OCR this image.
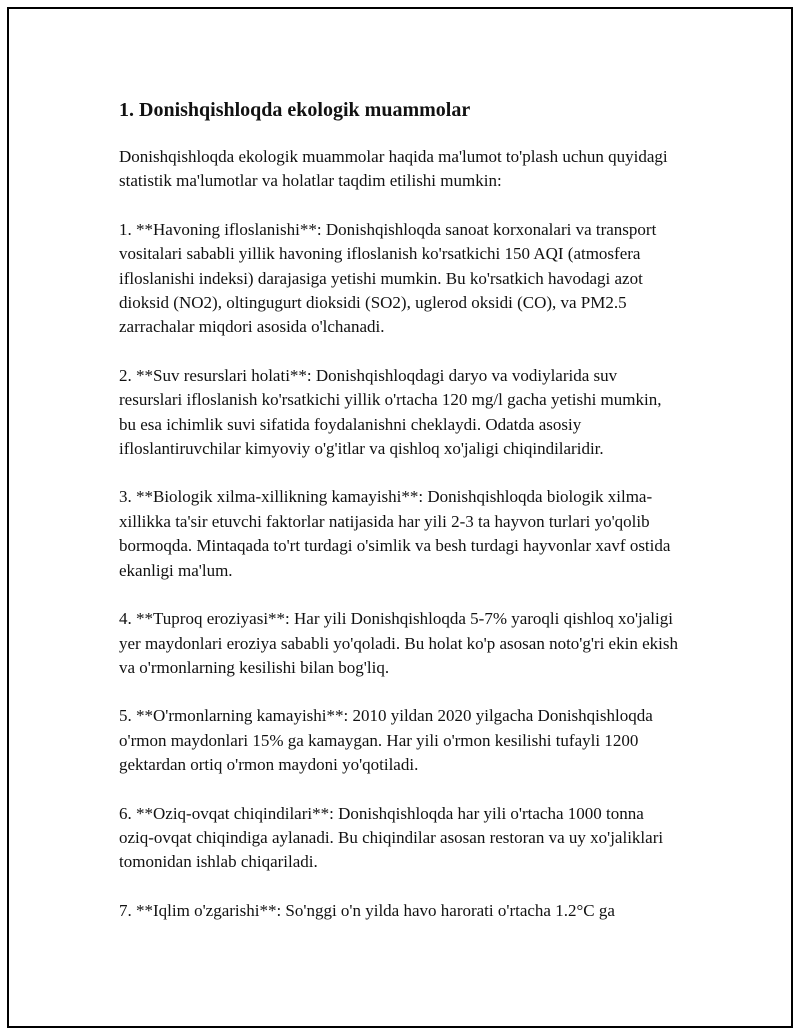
1. Donishqishloqda ekologik muammolar

Donishqishloqda ekologik muammolar haqida ma'lumot to'plash uchun quyidagi statistik ma'lumotlar va holatlar taqdim etilishi mumkin:

1. **Havoning ifloslanishi**: Donishqishloqda sanoat korxonalari va transport vositalari sababli yillik havoning ifloslanish ko'rsatkichi 150 AQI (atmosfera ifloslanishi indeksi) darajasiga yetishi mumkin. Bu ko'rsatkich havodagi azot dioksid (NO2), oltingugurt dioksidi (SO2), uglerod oksidi (CO), va PM2.5 zarrachalar miqdori asosida o'lchanadi.

2. **Suv resurslari holati**: Donishqishloqdagi daryo va vodiylarida suv resurslari ifloslanish ko'rsatkichi yillik o'rtacha 120 mg/l gacha yetishi mumkin, bu esa ichimlik suvi sifatida foydalanishni cheklaydi. Odatda asosiy ifloslantiruvchilar kimyoviy o'g'itlar va qishloq xo'jaligi chiqindilaridir.

3. **Biologik xilma-xillikning kamayishi**: Donishqishloqda biologik xilma-xillikka ta'sir etuvchi faktorlar natijasida har yili 2-3 ta hayvon turlari yo'qolib bormoqda. Mintaqada to'rt turdagi o'simlik va besh turdagi hayvonlar xavf ostida ekanligi ma'lum.

4. **Tuproq eroziyasi**: Har yili Donishqishloqda 5-7% yaroqli qishloq xo'jaligi yer maydonlari eroziya sababli yo'qoladi. Bu holat ko'p asosan noto'g'ri ekin ekish va o'rmonlarning kesilishi bilan bog'liq.

5. **O'rmonlarning kamayishi**: 2010 yildan 2020 yilgacha Donishqishloqda o'rmon maydonlari 15% ga kamaygan. Har yili o'rmon kesilishi tufayli 1200 gektardan ortiq o'rmon maydoni yo'qotiladi.

6. **Oziq-ovqat chiqindilari**: Donishqishloqda har yili o'rtacha 1000 tonna oziq-ovqat chiqindiga aylanadi. Bu chiqindilar asosan restoran va uy xo'jaliklari tomonidan ishlab chiqariladi.

7. **Iqlim o'zgarishi**: So'nggi o'n yilda havo harorati o'rtacha 1.2°C ga
